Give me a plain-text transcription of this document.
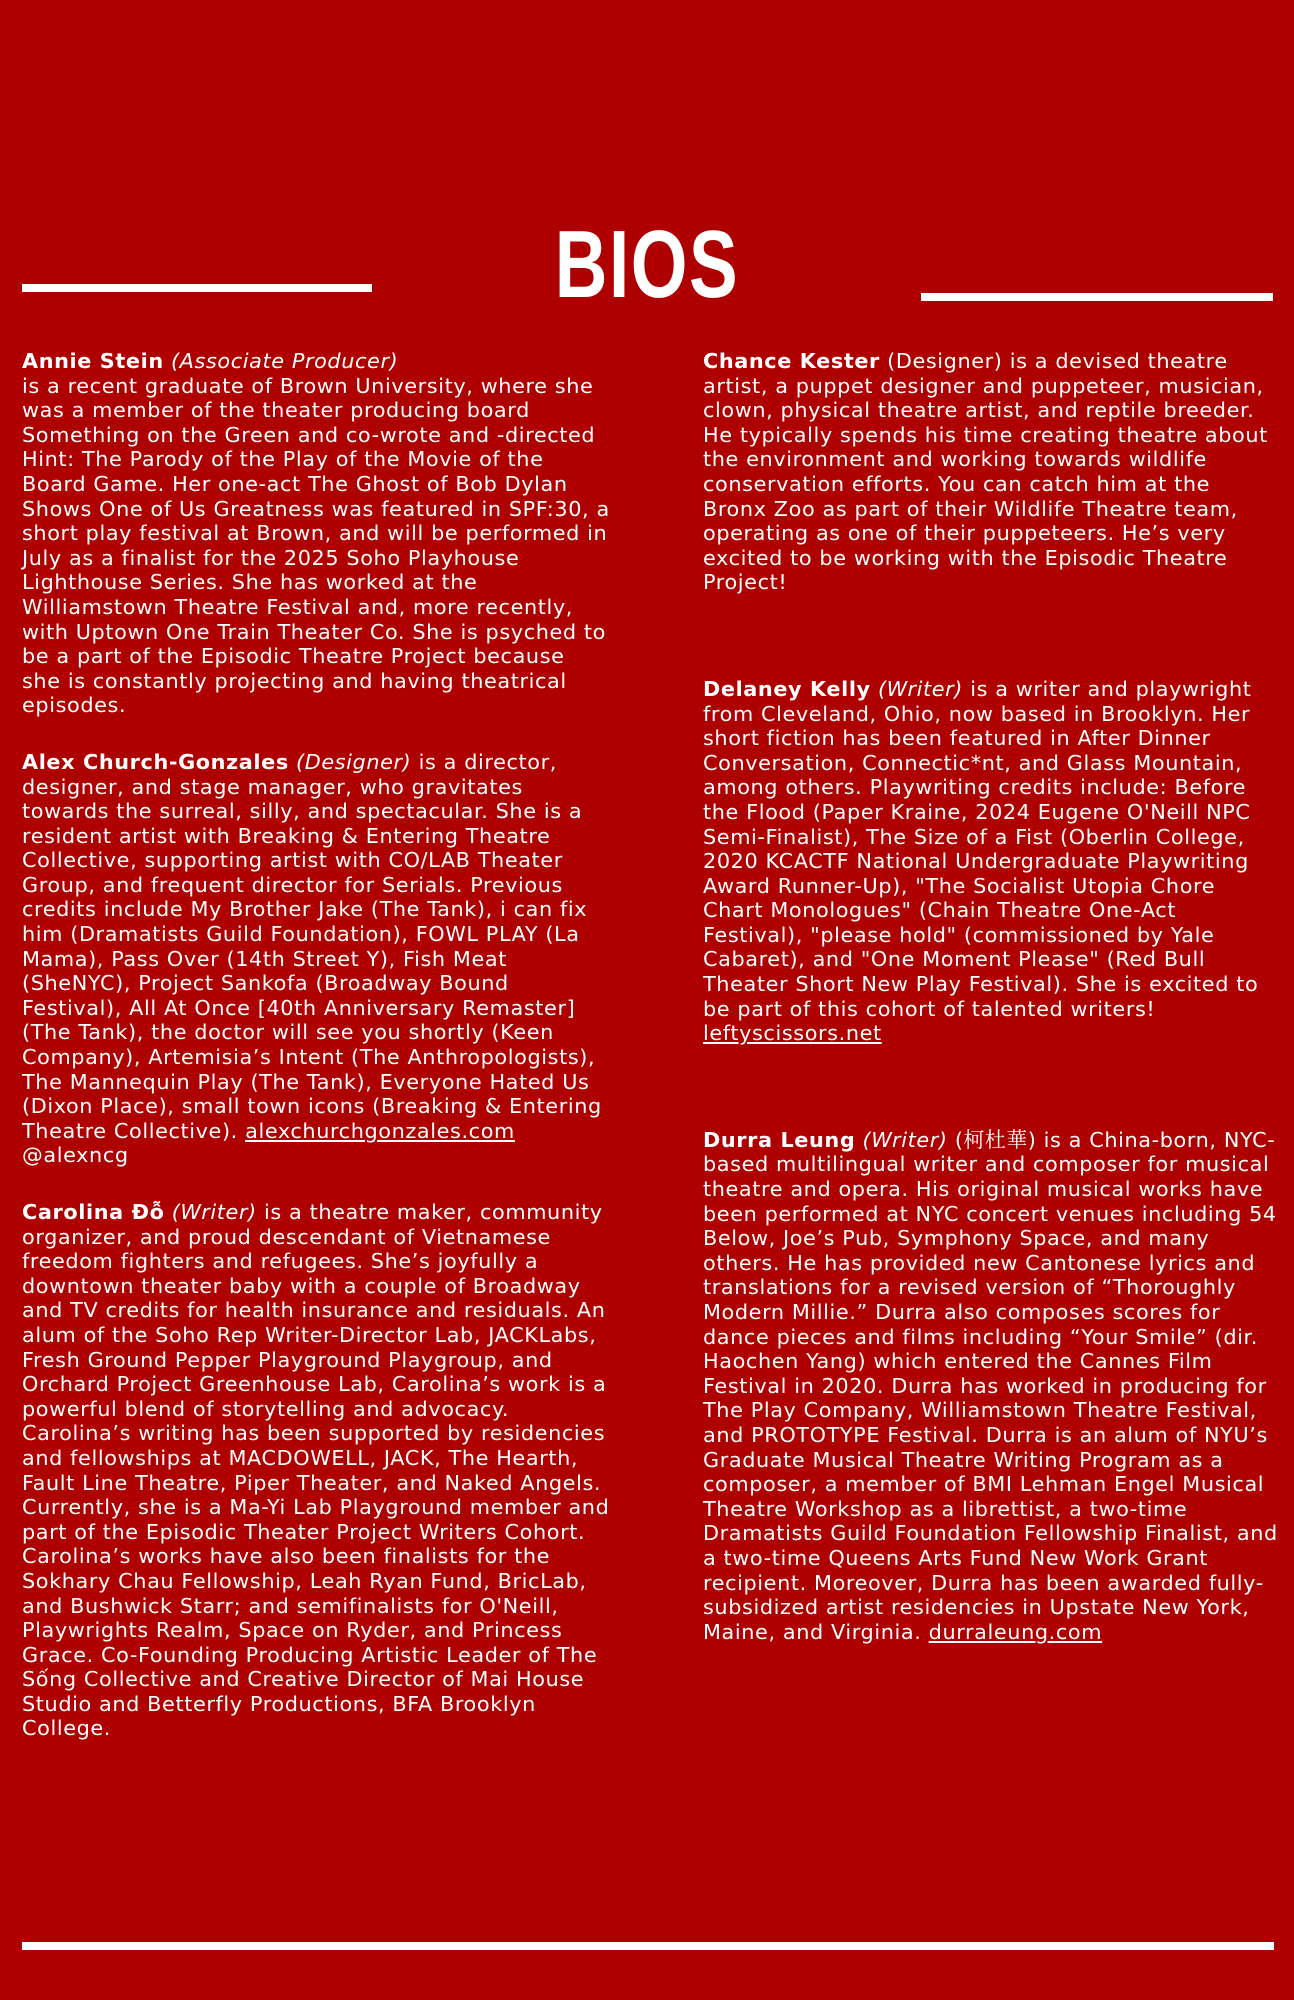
BIOS

Annie Stein (Associate Producer)
is a recent graduate of Brown University, where she was a member of the theater producing board Something on the Green and co-wrote and -directed Hint: The Parody of the Play of the Movie of the Board Game. Her one-act The Ghost of Bob Dylan Shows One of Us Greatness was featured in SPF:30, a short play festival at Brown, and will be performed in July as a finalist for the 2025 Soho Playhouse Lighthouse Series. She has worked at the Williamstown Theatre Festival and, more recently, with Uptown One Train Theater Co. She is psyched to be a part of the Episodic Theatre Project because she is constantly projecting and having theatrical episodes.

Alex Church-Gonzales (Designer) is a director, designer, and stage manager, who gravitates towards the surreal, silly, and spectacular. She is a resident artist with Breaking & Entering Theatre Collective, supporting artist with CO/LAB Theater Group, and frequent director for Serials. Previous credits include My Brother Jake (The Tank), i can fix him (Dramatists Guild Foundation), FOWL PLAY (La Mama), Pass Over (14th Street Y), Fish Meat (SheNYC), Project Sankofa (Broadway Bound Festival), All At Once [40th Anniversary Remaster] (The Tank), the doctor will see you shortly (Keen Company), Artemisia’s Intent (The Anthropologists), The Mannequin Play (The Tank), Everyone Hated Us (Dixon Place), small town icons (Breaking & Entering Theatre Collective). alexchurchgonzales.com @alexncg

Carolina Đỗ (Writer) is a theatre maker, community organizer, and proud descendant of Vietnamese freedom fighters and refugees. She’s joyfully a downtown theater baby with a couple of Broadway and TV credits for health insurance and residuals. An alum of the Soho Rep Writer-Director Lab, JACKLabs, Fresh Ground Pepper Playground Playgroup, and Orchard Project Greenhouse Lab, Carolina’s work is a powerful blend of storytelling and advocacy. Carolina’s writing has been supported by residencies and fellowships at MACDOWELL, JACK, The Hearth, Fault Line Theatre, Piper Theater, and Naked Angels. Currently, she is a Ma-Yi Lab Playground member and part of the Episodic Theater Project Writers Cohort. Carolina’s works have also been finalists for the Sokhary Chau Fellowship, Leah Ryan Fund, BricLab, and Bushwick Starr; and semifinalists for O'Neill, Playwrights Realm, Space on Ryder, and Princess Grace. Co-Founding Producing Artistic Leader of The Sống Collective and Creative Director of Mai House Studio and Betterfly Productions, BFA Brooklyn College.

Chance Kester (Designer) is a devised theatre artist, a puppet designer and puppeteer, musician, clown, physical theatre artist, and reptile breeder. He typically spends his time creating theatre about the environment and working towards wildlife conservation efforts. You can catch him at the Bronx Zoo as part of their Wildlife Theatre team, operating as one of their puppeteers. He’s very excited to be working with the Episodic Theatre Project!

Delaney Kelly (Writer) is a writer and playwright from Cleveland, Ohio, now based in Brooklyn. Her short fiction has been featured in After Dinner Conversation, Connectic*nt, and Glass Mountain, among others. Playwriting credits include: Before the Flood (Paper Kraine, 2024 Eugene O'Neill NPC Semi-Finalist), The Size of a Fist (Oberlin College, 2020 KCACTF National Undergraduate Playwriting Award Runner-Up), "The Socialist Utopia Chore Chart Monologues" (Chain Theatre One-Act Festival), "please hold" (commissioned by Yale Cabaret), and "One Moment Please" (Red Bull Theater Short New Play Festival). She is excited to be part of this cohort of talented writers! leftyscissors.net

Durra Leung (Writer) (柯杜華) is a China-born, NYC-based multilingual writer and composer for musical theatre and opera. His original musical works have been performed at NYC concert venues including 54 Below, Joe’s Pub, Symphony Space, and many others. He has provided new Cantonese lyrics and translations for a revised version of “Thoroughly Modern Millie.” Durra also composes scores for dance pieces and films including “Your Smile” (dir. Haochen Yang) which entered the Cannes Film Festival in 2020. Durra has worked in producing for The Play Company, Williamstown Theatre Festival, and PROTOTYPE Festival. Durra is an alum of NYU’s Graduate Musical Theatre Writing Program as a composer, a member of BMI Lehman Engel Musical Theatre Workshop as a librettist, a two-time Dramatists Guild Foundation Fellowship Finalist, and a two-time Queens Arts Fund New Work Grant recipient. Moreover, Durra has been awarded fully-subsidized artist residencies in Upstate New York, Maine, and Virginia. durraleung.com
